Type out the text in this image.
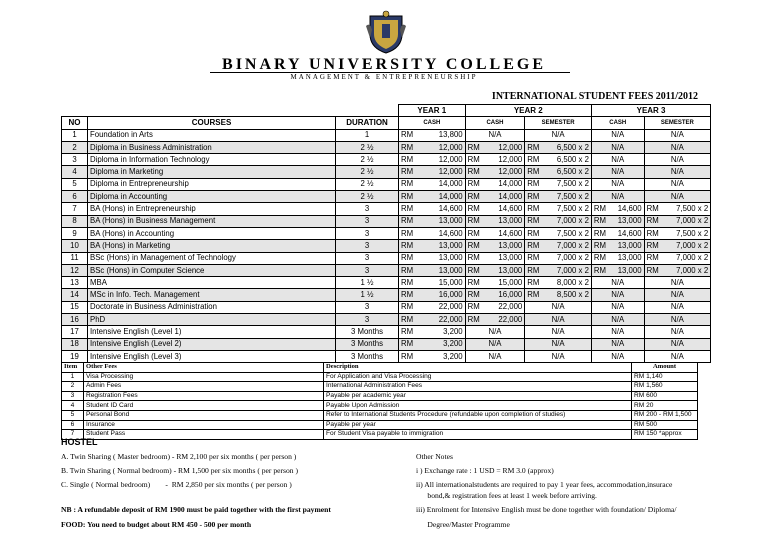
BINARY UNIVERSITY COLLEGE
MANAGEMENT & ENTREPRENEURSHIP
INTERNATIONAL STUDENT FEES 2011/2012
			YEAR 1		YEAR 2				YEAR 3			
NO	COURSES	DURATION	CASH		CASH		SEMESTER		CASH		SEMESTER	
1	Foundation in Arts	1	RM	13,800	N/A		N/A		N/A		N/A	
2	Diploma in Business Administration	2 ½	RM	12,000	RM	12,000	RM	6,500 x 2	N/A		N/A	
3	Diploma in Information Technology	2 ½	RM	12,000	RM	12,000	RM	6,500 x 2	N/A		N/A	
4	Diploma in Marketing	2 ½	RM	12,000	RM	12,000	RM	6,500 x 2	N/A		N/A	
5	Diploma in Entrepreneurship	2 ½	RM	14,000	RM	14,000	RM	7,500 x 2	N/A		N/A	
6	Diploma in Accounting	2 ½	RM	14,000	RM	14,000	RM	7,500 x 2	N/A		N/A	
7	BA (Hons) in Entrepreneurship	3	RM	14,600	RM	14,600	RM	7,500 x 2	RM	14,600	RM	7,500 x 2
8	BA (Hons) in Business Management	3	RM	13,000	RM	13,000	RM	7,000 x 2	RM	13,000	RM	7,000 x 2
9	BA (Hons) in Accounting	3	RM	14,600	RM	14,600	RM	7,500 x 2	RM	14,600	RM	7,500 x 2
10	BA (Hons) in Marketing	3	RM	13,000	RM	13,000	RM	7,000 x 2	RM	13,000	RM	7,000 x 2
11	BSc (Hons) in Management of Technology	3	RM	13,000	RM	13,000	RM	7,000 x 2	RM	13,000	RM	7,000 x 2
12	BSc (Hons) in Computer Science	3	RM	13,000	RM	13,000	RM	7,000 x 2	RM	13,000	RM	7,000 x 2
13	MBA	1 ½	RM	15,000	RM	15,000	RM	8,000 x 2	N/A		N/A	
14	MSc in Info. Tech. Management	1 ½	RM	16,000	RM	16,000	RM	8,500 x 2	N/A		N/A	
15	Doctorate in Business Administration	3	RM	22,000	RM	22,000	N/A		N/A		N/A	
16	PhD	3	RM	22,000	RM	22,000	N/A		N/A		N/A	
17	Intensive English (Level 1)	3 Months	RM	3,200	N/A		N/A		N/A		N/A	
18	Intensive English (Level 2)	3 Months	RM	3,200	N/A		N/A		N/A		N/A	
19	Intensive English (Level 3)	3 Months	RM	3,200	N/A		N/A		N/A		N/A	
Item	Other Fees	Description	Amount
1	Visa Processing	For Application and Visa Processing	RM 1,140
2	Admin Fees	International Administration Fees	RM 1,560
3	Registration Fees	Payable per academic year	RM 600
4	Student ID Card	Payable Upon Admission	RM 20
5	Personal Bond	Refer to International Students Procedure (refundable upon completion of studies)	RM 200 - RM 1,500
6	Insurance	Payable per year	RM 500
7	Student Pass	For Student Visa payable to immigration	RM 150 *approx
HOSTEL
A. Twin Sharing ( Master bedroom) - RM 2,100 per six months ( per person )
B. Twin Sharing ( Normal bedroom) - RM 1,500 per six months ( per person )
C. Single ( Normal bedroom)        -  RM 2,850 per six months ( per person )
NB : A refundable deposit of RM 1900 must be paid together with the first payment
FOOD: You need to budget about RM 450 - 500 per month
Other Notes
i ) Exchange rate : 1 USD = RM 3.0 (approx)
ii) All internationalstudents are required to pay 1 year fees, accommodation,insurace
bond,& registration fees at least 1 week before arriving.
iii) Enrolment for Intensive English must be done together with foundation/ Diploma/
Degree/Master Programme
